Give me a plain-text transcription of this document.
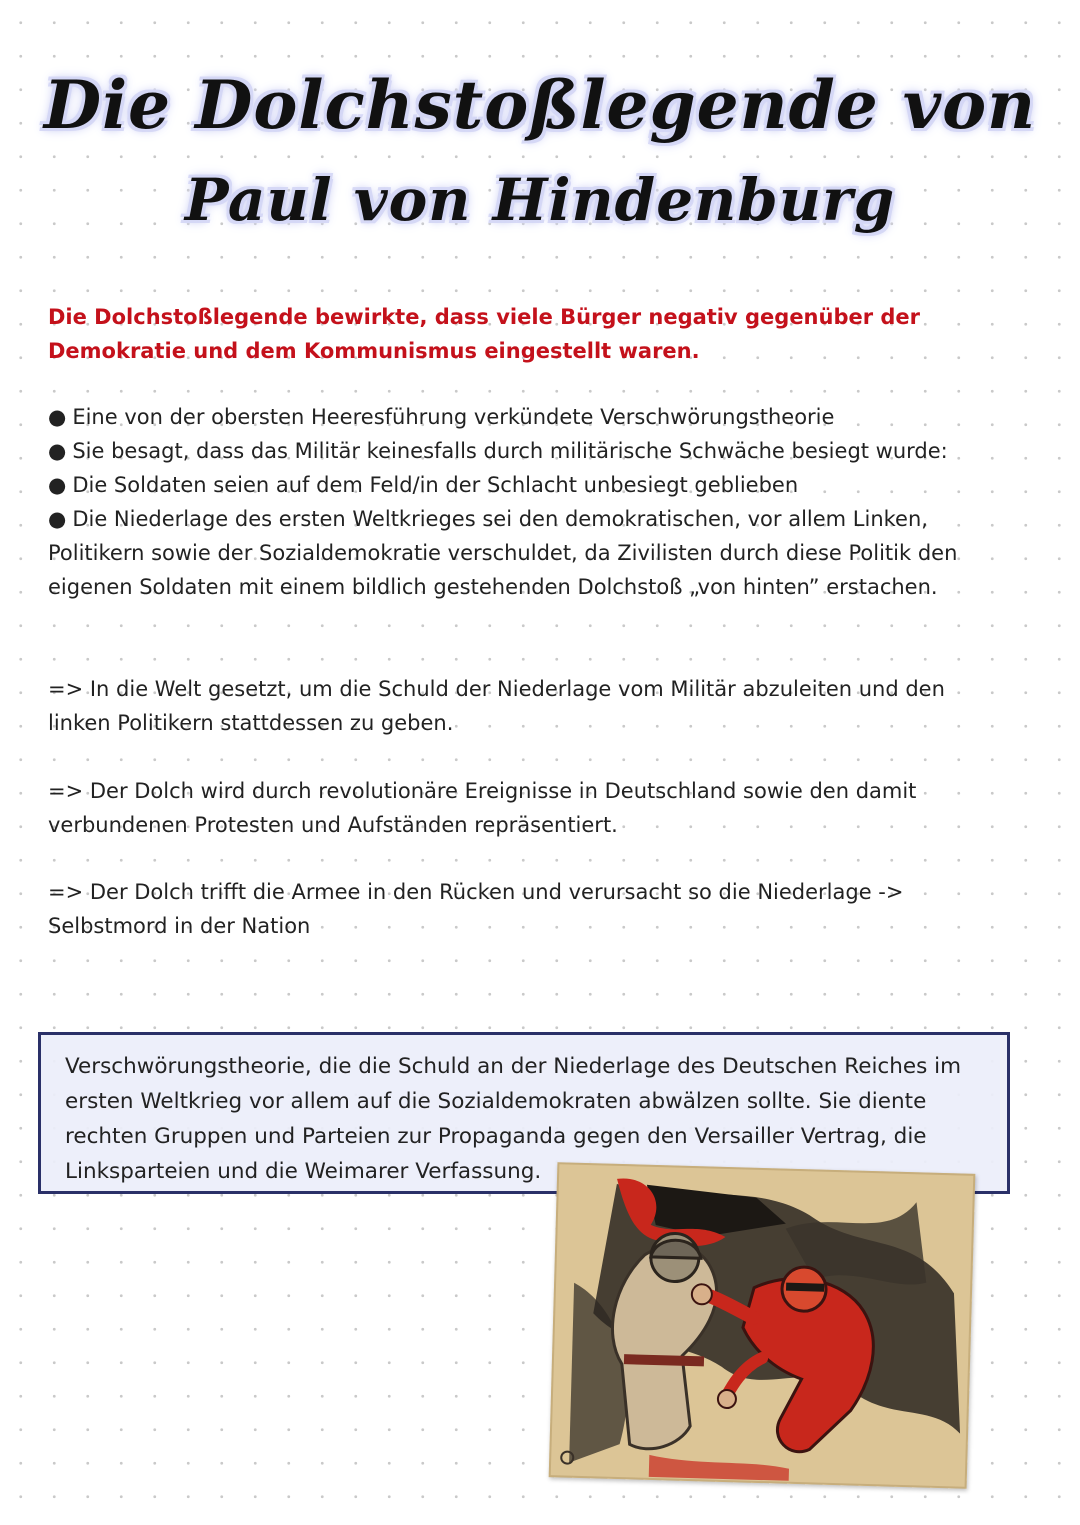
Die Dolchstoßlegende von
Paul von Hindenburg

Die Dolchstoßlegende bewirkte, dass viele Bürger negativ gegenüber der Demokratie und dem Kommunismus eingestellt waren.

● Eine von der obersten Heeresführung verkündete Verschwörungstheorie
● Sie besagt, dass das Militär keinesfalls durch militärische Schwäche besiegt wurde:
● Die Soldaten seien auf dem Feld/in der Schlacht unbesiegt geblieben
● Die Niederlage des ersten Weltkrieges sei den demokratischen, vor allem Linken, Politikern sowie der Sozialdemokratie verschuldet, da Zivilisten durch diese Politik den eigenen Soldaten mit einem bildlich gestehenden Dolchstoß „von hinten” erstachen.

=> In die Welt gesetzt, um die Schuld der Niederlage vom Militär abzuleiten und den linken Politikern stattdessen zu geben.

=> Der Dolch wird durch revolutionäre Ereignisse in Deutschland sowie den damit verbundenen Protesten und Aufständen repräsentiert.

=> Der Dolch trifft die Armee in den Rücken und verursacht so die Niederlage -> Selbstmord in der Nation

Verschwörungstheorie, die die Schuld an der Niederlage des Deutschen Reiches im ersten Weltkrieg vor allem auf die Sozialdemokraten abwälzen sollte. Sie diente rechten Gruppen und Parteien zur Propaganda gegen den Versailler Vertrag, die Linksparteien und die Weimarer Verfassung.
